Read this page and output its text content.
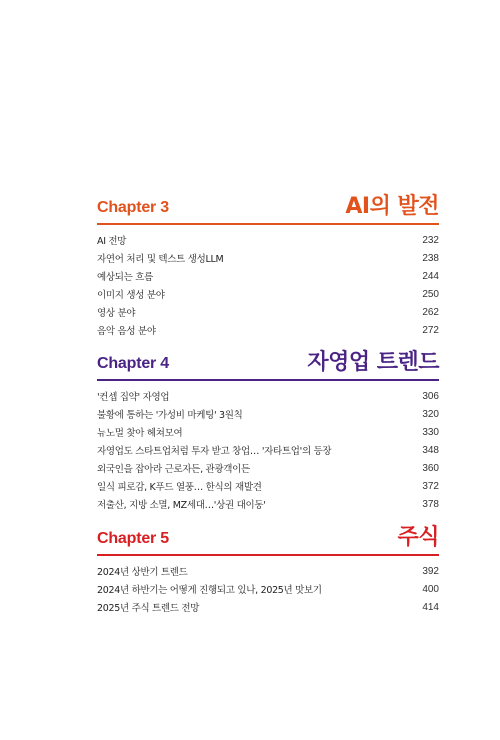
Chapter 3	AI의 발전
AI 전망	232
자연어 처리 및 텍스트 생성LLM	238
예상되는 흐름	244
이미지 생성 분야	250
영상 분야	262
음악 음성 분야	272
Chapter 4	자영업 트렌드
'컨셉 집약' 자영업	306
불황에 통하는 '가성비 마케팅' 3원칙	320
뉴노멀 찾아 헤쳐모여	330
자영업도 스타트업처럼 투자 받고 창업… '자타트업'의 등장	348
외국인을 잡아라 근로자든, 관광객이든	360
일식 피로감, K푸드 열풍… 한식의 재발견	372
저출산, 지방 소멸, MZ세대…'상권 대이동'	378
Chapter 5	주식
2024년 상반기 트렌드	392
2024년 하반기는 어떻게 진행되고 있나, 2025년 맛보기	400
2025년 주식 트렌드 전망	414
